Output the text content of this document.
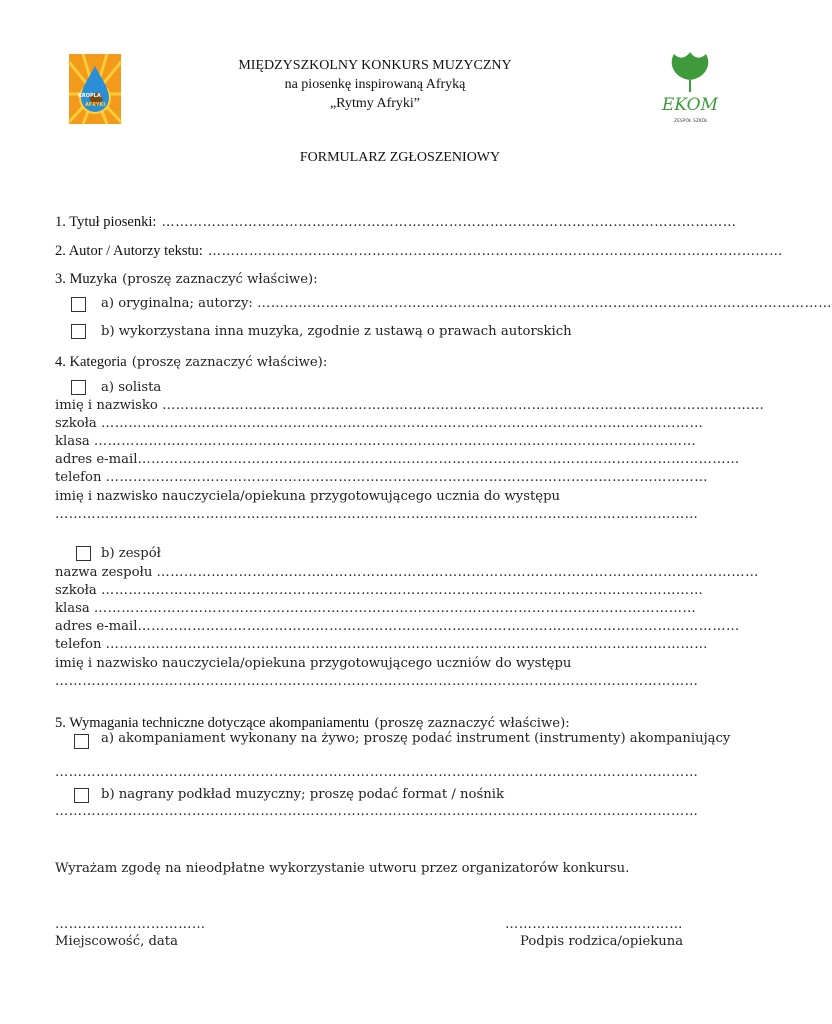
KROPLA
AFRYKI	EKOM
ZESPÓŁ SZKÓŁ
MIĘDZYSZKOLNY KONKURS MUZYCZNY
na piosenkę inspirowaną Afryką
„Rytmy Afryki”
FORMULARZ ZGŁOSZENIOWY
1. Tytuł piosenki: ………………………………………………………………………………………………………………
2. Autor / Autorzy tekstu: ………………………………………………………………………………………………………………
3. Muzyka (proszę zaznaczyć właściwe):
a) oryginalna; autorzy: ………………………………………………………………………………………………………………
b) wykorzystana inna muzyka, zgodnie z ustawą o prawach autorskich
4. Kategoria (proszę zaznaczyć właściwe):
a) solista
imię i nazwisko ……………………………………………………………………………………………………………………
szkoła ……………………………………………………………………………………………………………………
klasa ……………………………………………………………………………………………………………………
adres e-mail……………………………………………………………………………………………………………………
telefon ……………………………………………………………………………………………………………………
imię i nazwisko nauczyciela/opiekuna przygotowującego ucznia do występu
……………………………………………………………………………………………………………………………
b) zespół
nazwa zespołu ……………………………………………………………………………………………………………………
szkoła ……………………………………………………………………………………………………………………
klasa ……………………………………………………………………………………………………………………
adres e-mail……………………………………………………………………………………………………………………
telefon ……………………………………………………………………………………………………………………
imię i nazwisko nauczyciela/opiekuna przygotowującego uczniów do występu
……………………………………………………………………………………………………………………………
5. Wymagania techniczne dotyczące akompaniamentu (proszę zaznaczyć właściwe):
a) akompaniament wykonany na żywo; proszę podać instrument (instrumenty) akompaniujący
……………………………………………………………………………………………………………………………
b) nagrany podkład muzyczny; proszę podać format / nośnik
……………………………………………………………………………………………………………………………
Wyrażam zgodę na nieodpłatne wykorzystanie utworu przez organizatorów konkursu.
……………………………
Miejscowość, data
…………………………………
Podpis rodzica/opiekuna
